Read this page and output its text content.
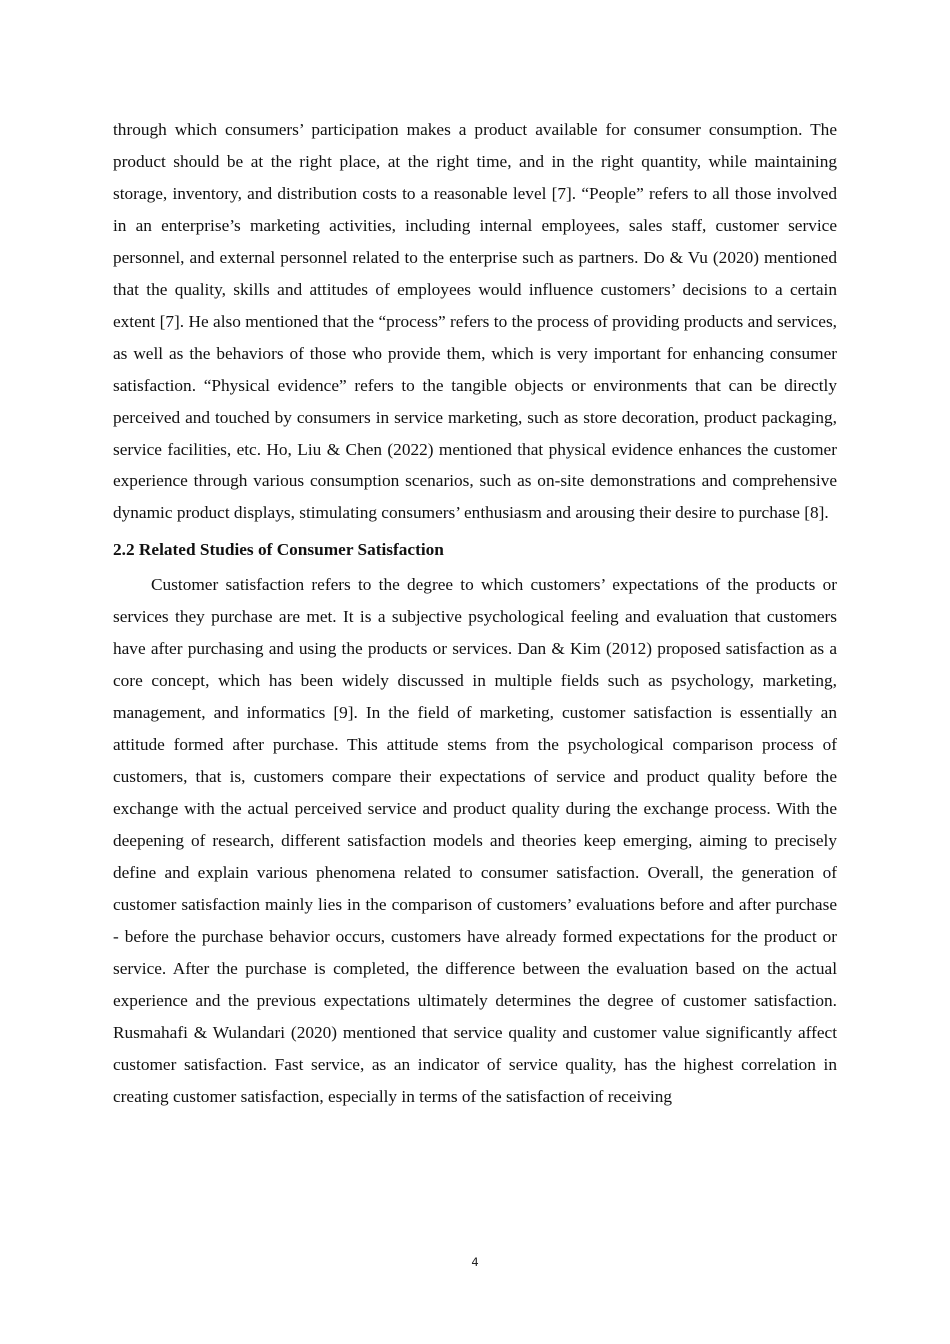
through which consumers’ participation makes a product available for consumer consumption. The product should be at the right place, at the right time, and in the right quantity, while maintaining storage, inventory, and distribution costs to a reasonable level [7]. “People” refers to all those involved in an enterprise’s marketing activities, including internal employees, sales staff, customer service personnel, and external personnel related to the enterprise such as partners. Do & Vu (2020) mentioned that the quality, skills and attitudes of employees would influence customers’ decisions to a certain extent [7]. He also mentioned that the “process” refers to the process of providing products and services, as well as the behaviors of those who provide them, which is very important for enhancing consumer satisfaction. “Physical evidence” refers to the tangible objects or environments that can be directly perceived and touched by consumers in service marketing, such as store decoration, product packaging, service facilities, etc. Ho, Liu & Chen (2022) mentioned that physical evidence enhances the customer experience through various consumption scenarios, such as on-site demonstrations and comprehensive dynamic product displays, stimulating consumers’ enthusiasm and arousing their desire to purchase [8].

2.2 Related Studies of Consumer Satisfaction

Customer satisfaction refers to the degree to which customers’ expectations of the products or services they purchase are met. It is a subjective psychological feeling and evaluation that customers have after purchasing and using the products or services. Dan & Kim (2012) proposed satisfaction as a core concept, which has been widely discussed in multiple fields such as psychology, marketing, management, and informatics [9]. In the field of marketing, customer satisfaction is essentially an attitude formed after purchase. This attitude stems from the psychological comparison process of customers, that is, customers compare their expectations of service and product quality before the exchange with the actual perceived service and product quality during the exchange process. With the deepening of research, different satisfaction models and theories keep emerging, aiming to precisely define and explain various phenomena related to consumer satisfaction. Overall, the generation of customer satisfaction mainly lies in the comparison of customers’ evaluations before and after purchase - before the purchase behavior occurs, customers have already formed expectations for the product or service. After the purchase is completed, the difference between the evaluation based on the actual experience and the previous expectations ultimately determines the degree of customer satisfaction. Rusmahafi & Wulandari (2020) mentioned that service quality and customer value significantly affect customer satisfaction. Fast service, as an indicator of service quality, has the highest correlation in creating customer satisfaction, especially in terms of the satisfaction of receiving

4
